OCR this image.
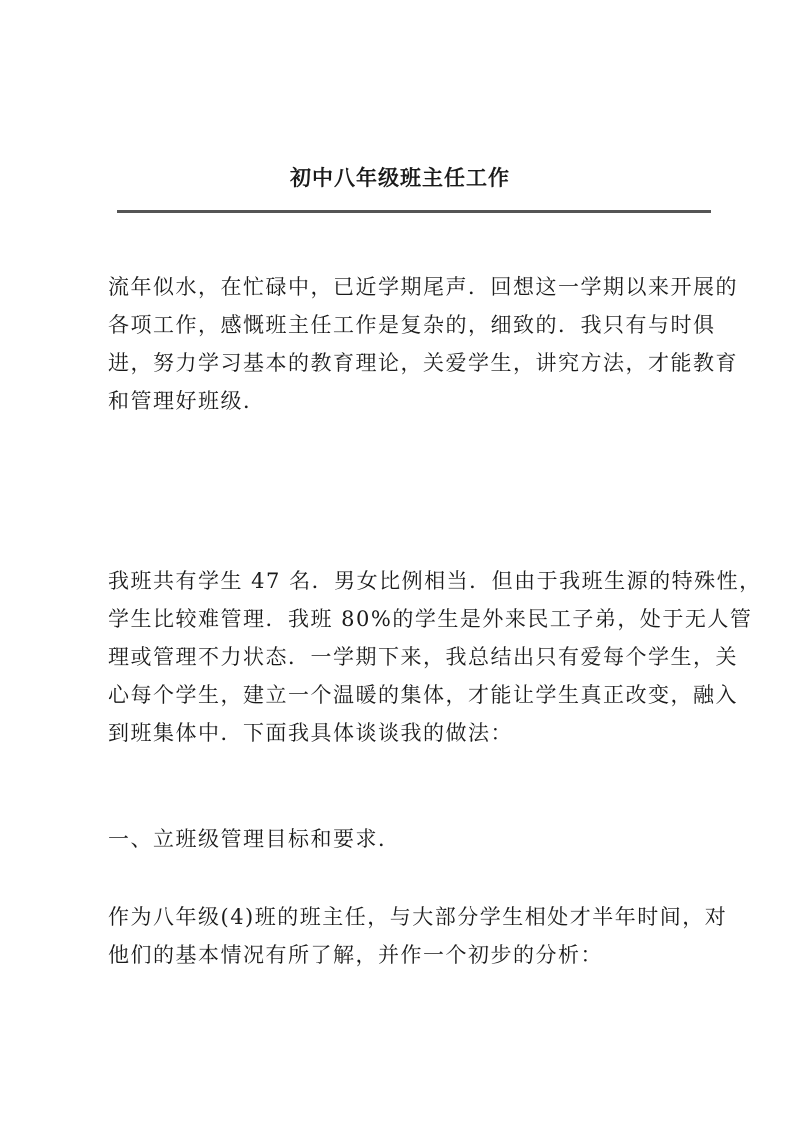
初中八年级班主任工作

流年似水，在忙碌中，已近学期尾声．回想这一学期以来开展的
各项工作，感慨班主任工作是复杂的，细致的．我只有与时俱
进，努力学习基本的教育理论，关爱学生，讲究方法，才能教育
和管理好班级．

我班共有学生 47 名．男女比例相当．但由于我班生源的特殊性，
学生比较难管理．我班 80%的学生是外来民工子弟，处于无人管
理或管理不力状态．一学期下来，我总结出只有爱每个学生，关
心每个学生，建立一个温暖的集体，才能让学生真正改变，融入
到班集体中．下面我具体谈谈我的做法：

一、立班级管理目标和要求．

作为八年级(4)班的班主任，与大部分学生相处才半年时间，对
他们的基本情况有所了解，并作一个初步的分析：
